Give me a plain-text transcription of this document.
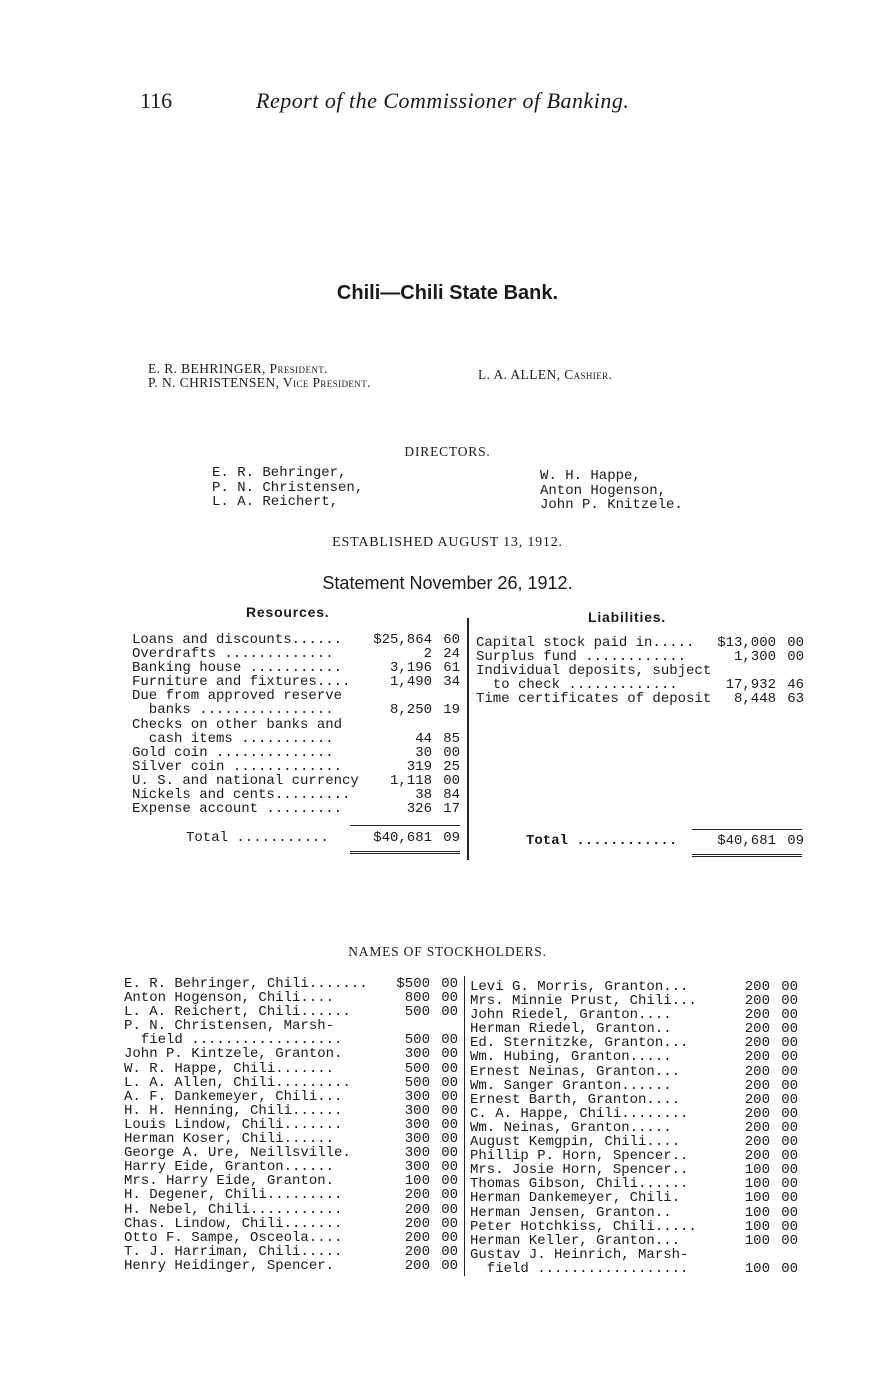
116	Report of the Commissioner of Banking.
Chili—Chili State Bank.
E. R. BEHRINGER, President.
P. N. CHRISTENSEN, Vice President.
L. A. ALLEN, Cashier.
DIRECTORS.
E. R. Behringer,
P. N. Christensen,
L. A. Reichert,
W. H. Happe,
Anton Hogenson,
John P. Knitzele.
ESTABLISHED AUGUST 13, 1912.
Statement November 26, 1912.
Resources.	Liabilities.
Loans and discounts...... $25,864 60
Overdrafts .............	2 24
Banking house ...........	3,196 61
Furniture and fixtures....	1,490 34
Due from approved reserve
banks ................	8,250 19
Checks on other banks and
cash items ...........	44 85
Gold coin ..............	30 00
Silver coin .............	319 25
U. S. and national currency 1,118 00
Nickels and cents.........	38 84
Expense account .........	326 17
Total ...........	$40,681 09
Capital stock paid in..... $13,000 00
Surplus fund ............	1,300 00
Individual deposits, subject
to check .............	17,932 46
Time certificates of deposit 8,448 63
Total ............	$40,681 09
NAMES OF STOCKHOLDERS.
E. R. Behringer, Chili....... $500 00
Anton Hogenson, Chili....	800 00
L. A. Reichert, Chili......	500 00
P. N. Christensen, Marsh-
field ..................	500 00
John P. Kintzele, Granton.	300 00
W. R. Happe, Chili.......	500 00
L. A. Allen, Chili.........	500 00
A. F. Dankemeyer, Chili...	300 00
H. H. Henning, Chili......	300 00
Louis Lindow, Chili.......	300 00
Herman Koser, Chili......	300 00
George A. Ure, Neillsville.	300 00
Harry Eide, Granton......	300 00
Mrs. Harry Eide, Granton.	100 00
H. Degener, Chili.........	200 00
H. Nebel, Chili...........	200 00
Chas. Lindow, Chili.......	200 00
Otto F. Sampe, Osceola....	200 00
T. J. Harriman, Chili.....	200 00
Henry Heidinger, Spencer.	200 00
Levi G. Morris, Granton...	200 00
Mrs. Minnie Prust, Chili...	200 00
John Riedel, Granton....	200 00
Herman Riedel, Granton..	200 00
Ed. Sternitzke, Granton...	200 00
Wm. Hubing, Granton.....	200 00
Ernest Neinas, Granton...	200 00
Wm. Sanger Granton......	200 00
Ernest Barth, Granton....	200 00
C. A. Happe, Chili........	200 00
Wm. Neinas, Granton.....	200 00
August Kemgpin, Chili....	200 00
Phillip P. Horn, Spencer..	200 00
Mrs. Josie Horn, Spencer..	100 00
Thomas Gibson, Chili......	100 00
Herman Dankemeyer, Chili.	100 00
Herman Jensen, Granton..	100 00
Peter Hotchkiss, Chili.....	100 00
Herman Keller, Granton...	100 00
Gustav J. Heinrich, Marsh-
field ..................	100 00
